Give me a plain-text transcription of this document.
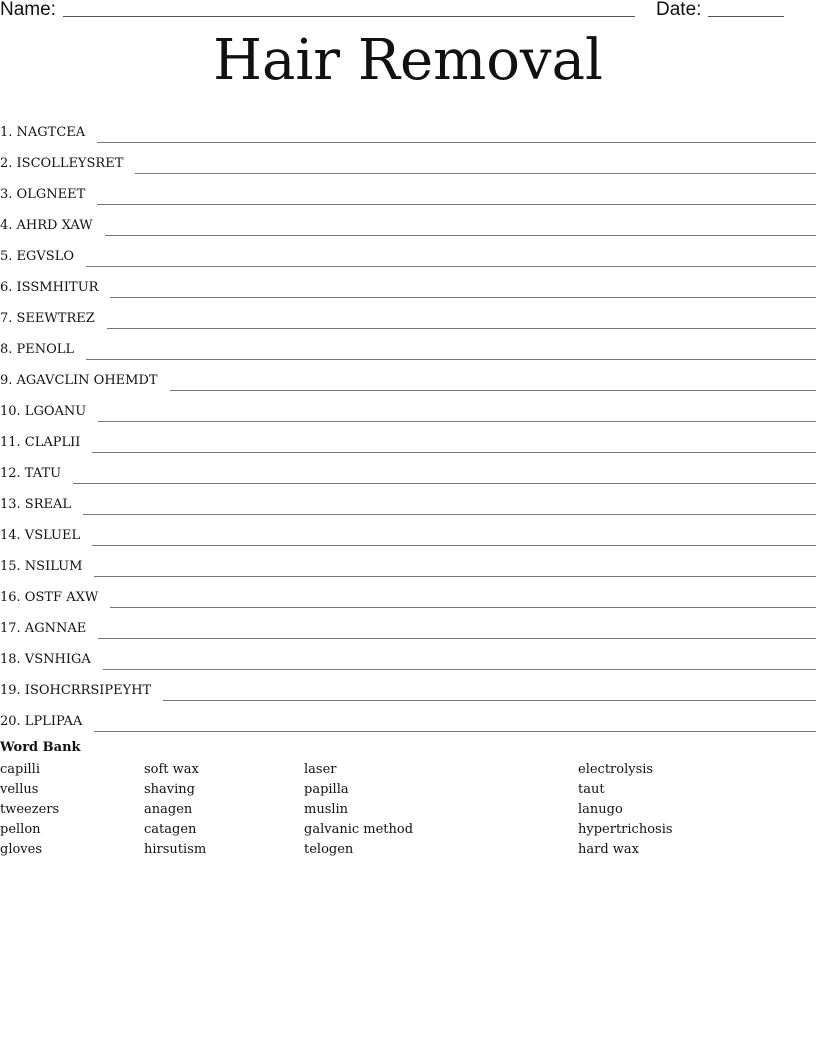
Name:	Date:
Hair Removal
1. NAGTCEA
2. ISCOLLEYSRET
3. OLGNEET
4. AHRD XAW
5. EGVSLO
6. ISSMHITUR
7. SEEWTREZ
8. PENOLL
9. AGAVCLIN OHEMDT
10. LGOANU
11. CLAPLII
12. TATU
13. SREAL
14. VSLUEL
15. NSILUM
16. OSTF AXW
17. AGNNAE
18. VSNHIGA
19. ISOHCRRSIPEYHT
20. LPLIPAA
Word Bank
capilli
vellus
tweezers
pellon
gloves
soft wax
shaving
anagen
catagen
hirsutism
laser
papilla
muslin
galvanic method
telogen
electrolysis
taut
lanugo
hypertrichosis
hard wax
